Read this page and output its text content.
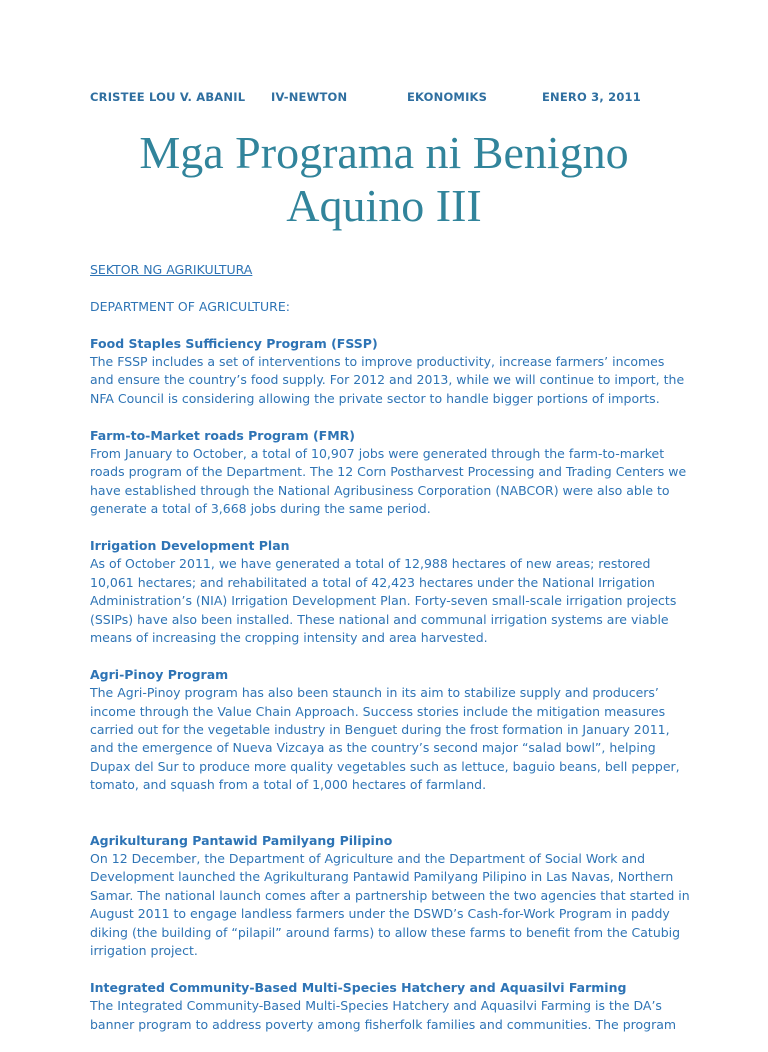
CRISTEE LOU V. ABANIL IV-NEWTON	EKONOMIKS	ENERO 3, 2011
Mga Programa ni Benigno Aquino III
SEKTOR NG AGRIKULTURA
DEPARTMENT OF AGRICULTURE:
Food Staples Sufficiency Program (FSSP)
The FSSP includes a set of interventions to improve productivity, increase farmers’ incomes and ensure the country’s food supply. For 2012 and 2013, while we will continue to import, the NFA Council is considering allowing the private sector to handle bigger portions of imports.
Farm-to-Market roads Program (FMR)
From January to October, a total of 10,907 jobs were generated through the farm-to-market roads program of the Department. The 12 Corn Postharvest Processing and Trading Centers we have established through the National Agribusiness Corporation (NABCOR) were also able to generate a total of 3,668 jobs during the same period.
Irrigation Development Plan
As of October 2011, we have generated a total of 12,988 hectares of new areas; restored 10,061 hectares; and rehabilitated a total of 42,423 hectares under the National Irrigation Administration’s (NIA) Irrigation Development Plan. Forty-seven small-scale irrigation projects (SSIPs) have also been installed. These national and communal irrigation systems are viable means of increasing the cropping intensity and area harvested.
Agri-Pinoy Program
The Agri-Pinoy program has also been staunch in its aim to stabilize supply and producers’ income through the Value Chain Approach. Success stories include the mitigation measures carried out for the vegetable industry in Benguet during the frost formation in January 2011, and the emergence of Nueva Vizcaya as the country’s second major “salad bowl”, helping Dupax del Sur to produce more quality vegetables such as lettuce, baguio beans, bell pepper, tomato, and squash from a total of 1,000 hectares of farmland.
Agrikulturang Pantawid Pamilyang Pilipino
On 12 December, the Department of Agriculture and the Department of Social Work and Development launched the Agrikulturang Pantawid Pamilyang Pilipino in Las Navas, Northern Samar. The national launch comes after a partnership between the two agencies that started in August 2011 to engage landless farmers under the DSWD’s Cash-for-Work Program in paddy diking (the building of “pilapil” around farms) to allow these farms to benefit from the Catubig irrigation project.
Integrated Community-Based Multi-Species Hatchery and Aquasilvi Farming
The Integrated Community-Based Multi-Species Hatchery and Aquasilvi Farming is the DA’s banner program to address poverty among fisherfolk families and communities. The program
